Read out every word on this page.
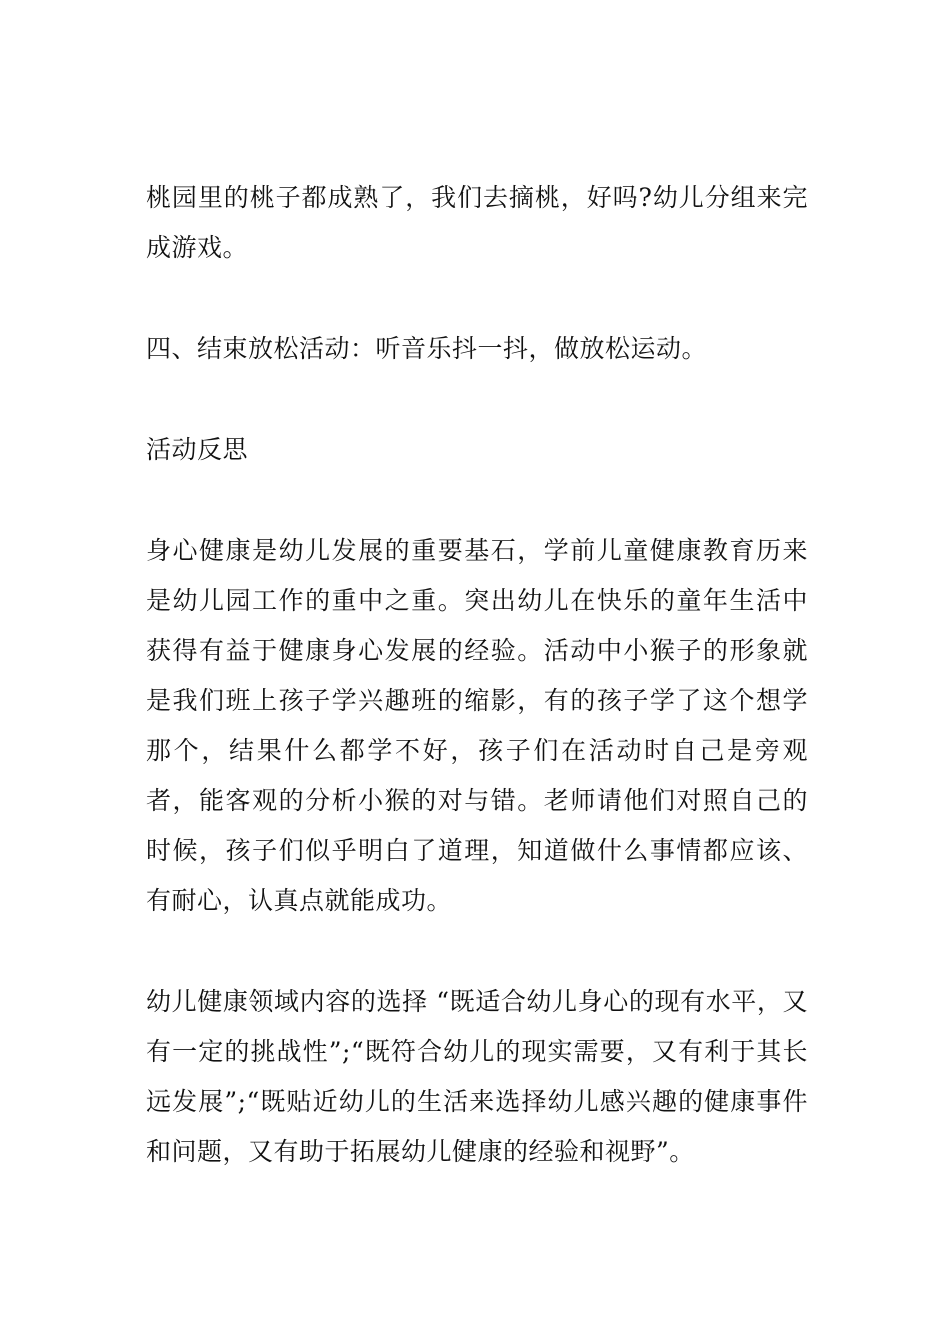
桃园里的桃子都成熟了，我们去摘桃，好吗?幼儿分组来完成游戏。

四、结束放松活动：听音乐抖一抖，做放松运动。

活动反思

身心健康是幼儿发展的重要基石，学前儿童健康教育历来是幼儿园工作的重中之重。突出幼儿在快乐的童年生活中获得有益于健康身心发展的经验。活动中小猴子的形象就是我们班上孩子学兴趣班的缩影，有的孩子学了这个想学那个，结果什么都学不好，孩子们在活动时自己是旁观者，能客观的分析小猴的对与错。老师请他们对照自己的时候，孩子们似乎明白了道理，知道做什么事情都应该、有耐心，认真点就能成功。

幼儿健康领域内容的选择 “既适合幼儿身心的现有水平，又有一定的挑战性”;“既符合幼儿的现实需要，又有利于其长远发展”;“既贴近幼儿的生活来选择幼儿感兴趣的健康事件和问题，又有助于拓展幼儿健康的经验和视野”。
